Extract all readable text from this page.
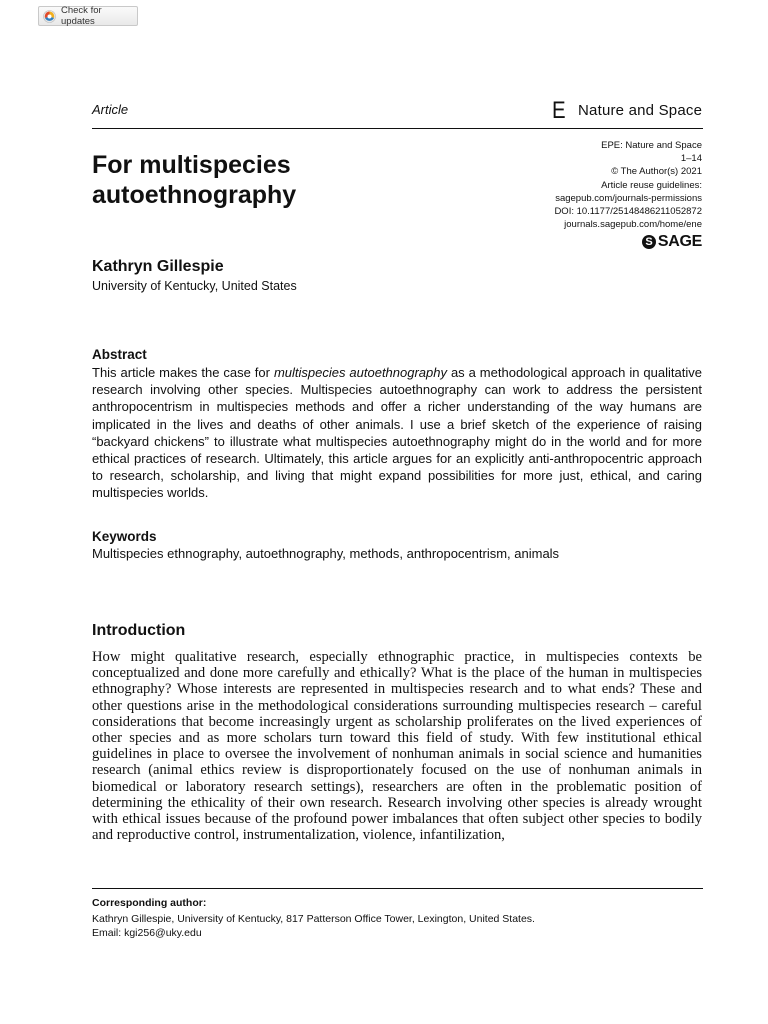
Check for updates
Article	E Nature and Space
For multispecies autoethnography
EPE: Nature and Space
1–14
© The Author(s) 2021
Article reuse guidelines:
sagepub.com/journals-permissions
DOI: 10.1177/25148486211052872
journals.sagepub.com/home/ene
S SAGE
Kathryn Gillespie
University of Kentucky, United States
Abstract

This article makes the case for multispecies autoethnography as a methodological approach in qualitative research involving other species. Multispecies autoethnography can work to address the persistent anthropocentrism in multispecies methods and offer a richer understanding of the way humans are implicated in the lives and deaths of other animals. I use a brief sketch of the experience of raising “backyard chickens” to illustrate what multispecies autoethnography might do in the world and for more ethical practices of research. Ultimately, this article argues for an explicitly anti-anthropocentric approach to research, scholarship, and living that might expand possibilities for more just, ethical, and caring multispecies worlds.

Keywords
Multispecies ethnography, autoethnography, methods, anthropocentrism, animals
Introduction

How might qualitative research, especially ethnographic practice, in multispecies contexts be conceptualized and done more carefully and ethically? What is the place of the human in multispecies ethnography? Whose interests are represented in multispecies research and to what ends? These and other questions arise in the methodological considerations surrounding multispecies research – careful considerations that become increasingly urgent as scholarship proliferates on the lived experiences of other species and as more scholars turn toward this field of study. With few institutional ethical guidelines in place to oversee the involvement of nonhuman animals in social science and humanities research (animal ethics review is disproportionately focused on the use of nonhuman animals in biomedical or laboratory research settings), researchers are often in the problematic position of determining the ethicality of their own research. Research involving other species is already wrought with ethical issues because of the profound power imbalances that often subject other species to bodily and reproductive control, instrumentalization, violence, infantilization,

Corresponding author:
Kathryn Gillespie, University of Kentucky, 817 Patterson Office Tower, Lexington, United States.
Email: kgi256@uky.edu
